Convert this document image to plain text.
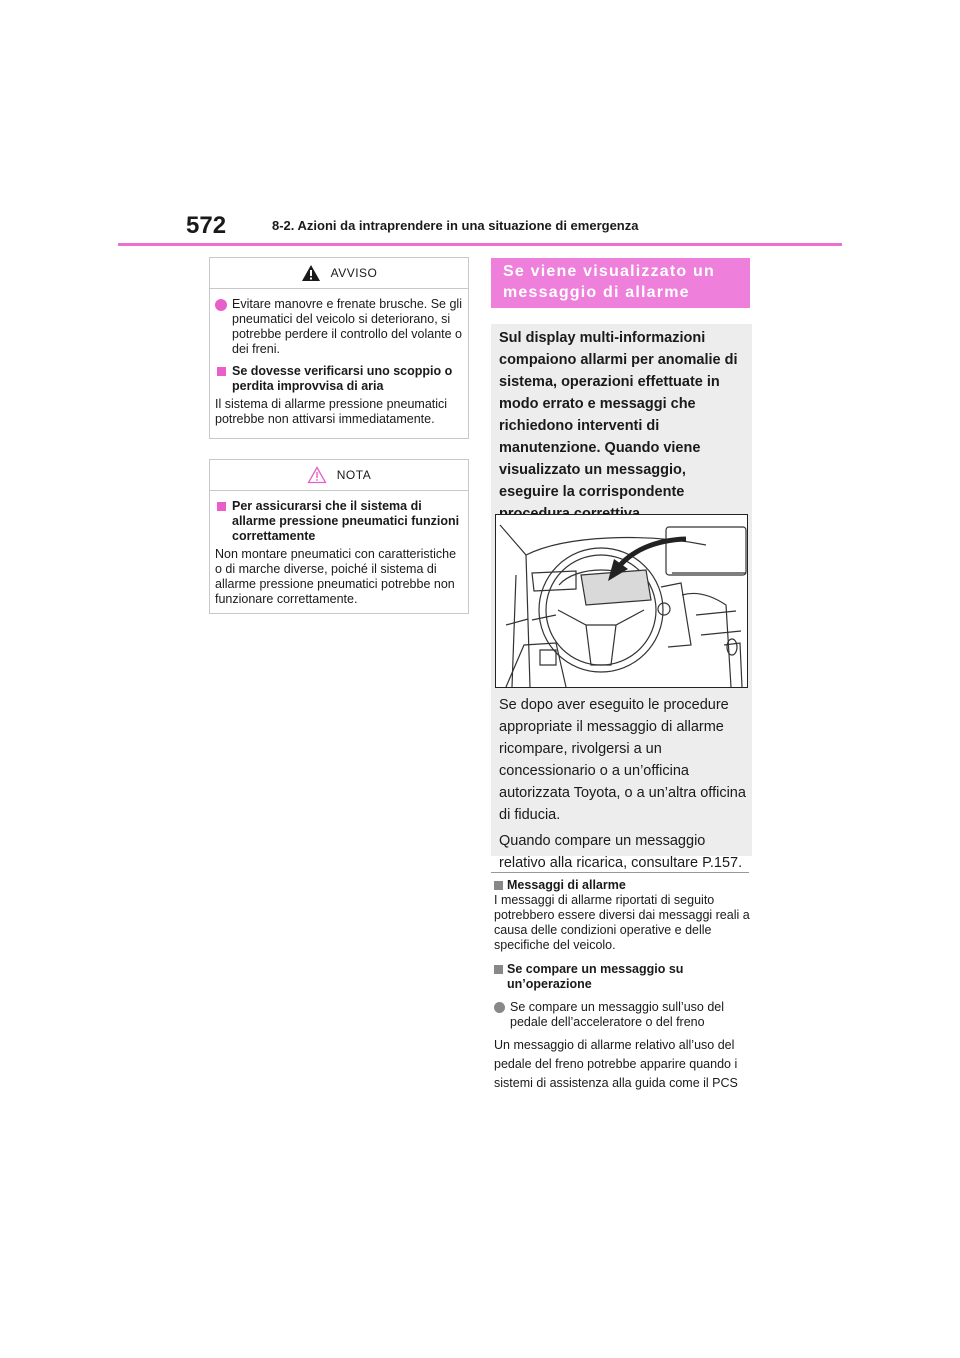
572	8-2. Azioni da intraprendere in una situazione di emergenza
AVVISO
Evitare manovre e frenate brusche. Se gli pneumatici del veicolo si deteriorano, si potrebbe perdere il controllo del volante o dei freni.
Se dovesse verificarsi uno scoppio o perdita improvvisa di aria
Il sistema di allarme pressione pneumatici potrebbe non attivarsi immediatamente.
NOTA
Per assicurarsi che il sistema di allarme pressione pneumatici funzioni correttamente
Non montare pneumatici con caratteristiche o di marche diverse, poiché il sistema di allarme pressione pneumatici potrebbe non funzionare correttamente.
Se viene visualizzato un messaggio di allarme
Sul display multi-informazioni compaiono allarmi per anomalie di sistema, operazioni effettuate in modo errato e messaggi che richiedono interventi di manutenzione. Quando viene visualizzato un messaggio, eseguire la corrispondente
Se dopo aver eseguito le procedure appropriate il messaggio di allarme ricompare, rivolgersi a un concessionario o a un’officina autorizzata Toyota, o a un’altra officina di fiducia.
Quando compare un messaggio relativo alla ricarica, consultare P.157.
Messaggi di allarme
I messaggi di allarme riportati di seguito potrebbero essere diversi dai messaggi reali a causa delle condizioni operative e delle specifiche del veicolo.
Se compare un messaggio su un’operazione
Se compare un messaggio sull’uso del pedale dell’acceleratore o del freno
Un messaggio di allarme relativo all’uso del pedale del freno potrebbe apparire quando i sistemi di assistenza alla guida come il PCS
